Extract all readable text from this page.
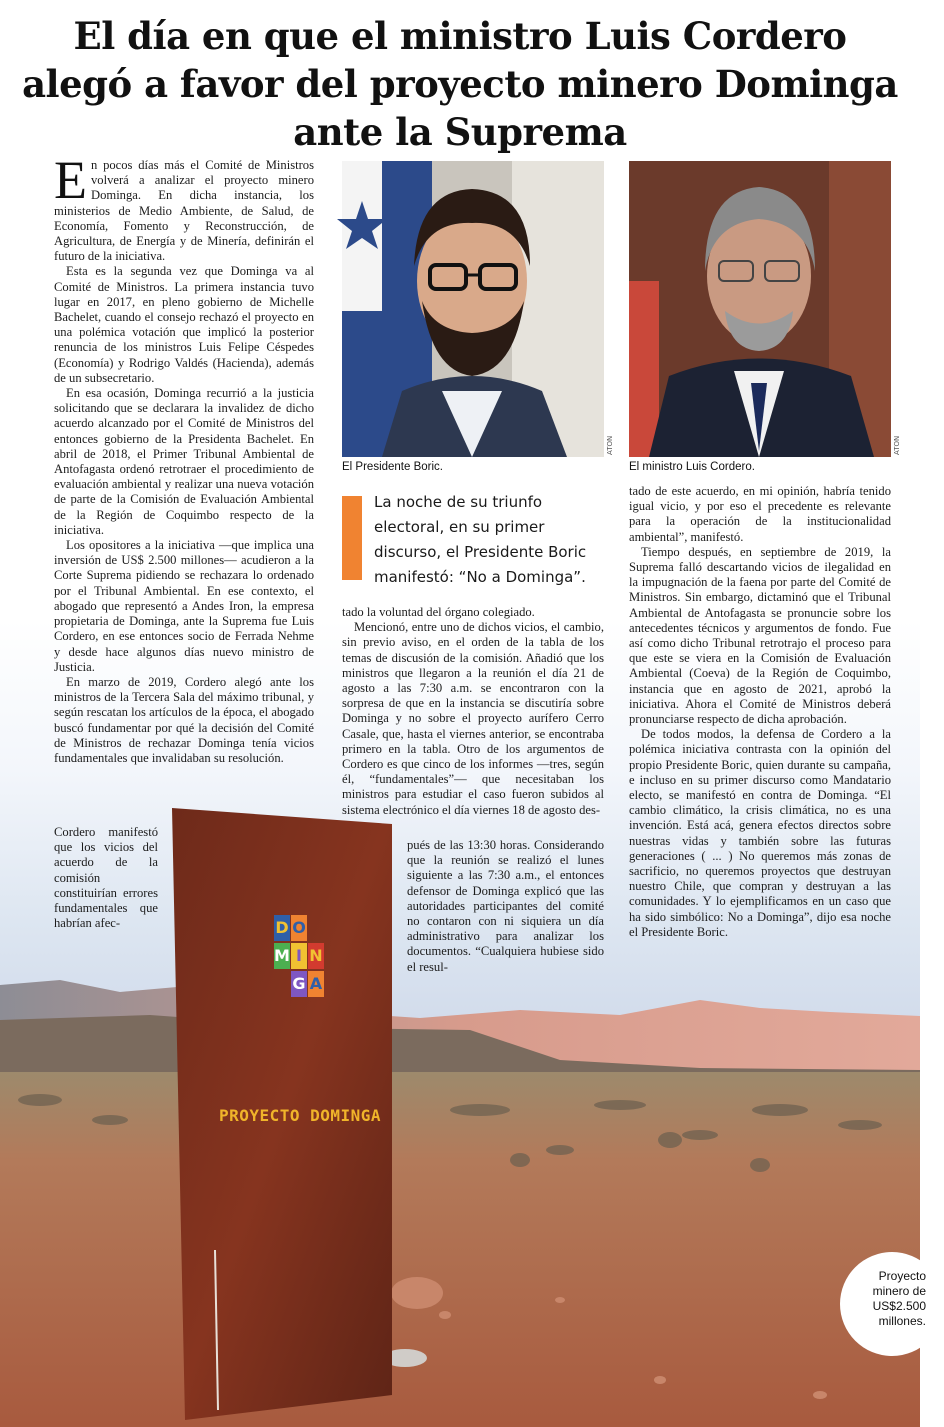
D O
M I N
G A
PROYECTO DOMINGA
El día en que el ministro Luis Cordero
alegó a favor del proyecto minero Dominga
ante la Suprema

En pocos días más el Comité de Ministros volverá a analizar el proyecto minero Dominga. En dicha instancia, los ministerios de Medio Ambiente, de Salud, de Economía, Fomento y Reconstrucción, de Agricultura, de Energía y de Minería, definirán el futuro de la iniciativa.

Esta es la segunda vez que Dominga va al Comité de Ministros. La primera instancia tuvo lugar en 2017, en pleno gobierno de Michelle Bachelet, cuando el consejo rechazó el proyecto en una polémica votación que implicó la posterior renuncia de los ministros Luis Felipe Céspedes (Economía) y Rodrigo Valdés (Hacienda), además de un subsecretario.

En esa ocasión, Dominga recurrió a la justicia solicitando que se declarara la invalidez de dicho acuerdo alcanzado por el Comité de Ministros del entonces gobierno de la Presidenta Bachelet. En abril de 2018, el Primer Tribunal Ambiental de Antofagasta ordenó retrotraer el procedimiento de evaluación ambiental y realizar una nueva votación de parte de la Comisión de Evaluación Ambiental de la Región de Coquimbo respecto de la iniciativa.

Los opositores a la iniciativa —que implica una inversión de US$ 2.500 millones— acudieron a la Corte Suprema pidiendo se rechazara lo ordenado por el Tribunal Ambiental. En ese contexto, el abogado que representó a Andes Iron, la empresa propietaria de Dominga, ante la Suprema fue Luis Cordero, en ese entonces socio de Ferrada Nehme y desde hace algunos días nuevo ministro de Justicia.

En marzo de 2019, Cordero alegó ante los ministros de la Tercera Sala del máximo tribunal, y según rescatan los artículos de la época, el abogado buscó fundamentar por qué la decisión del Comité de Ministros de rechazar Dominga tenía vicios fundamentales que invalidaban su resolución.

Cordero manifestó que los vicios del acuerdo de la comisión constituirían errores fundamentales que habrían afec-

ATON
El Presidente Boric.
ATON
El ministro Luis Cordero.
La noche de su triunfo electoral, en su primer discurso, el Presidente Boric manifestó: “No a Dominga”.

tado la voluntad del órgano colegiado.

Mencionó, entre uno de dichos vicios, el cambio, sin previo aviso, en el orden de la tabla de los temas de discusión de la comisión. Añadió que los ministros que llegaron a la reunión el día 21 de agosto a las 7:30 a.m. se encontraron con la sorpresa de que en la instancia se discutiría sobre Dominga y no sobre el proyecto aurífero Cerro Casale, que, hasta el viernes anterior, se encontraba primero en la tabla. Otro de los argumentos de Cordero es que cinco de los informes —tres, según él, “fundamentales”— que necesitaban los ministros para estudiar el caso fueron subidos al sistema electrónico el día viernes 18 de agosto des-

pués de las 13:30 horas. Considerando que la reunión se realizó el lunes siguiente a las 7:30 a.m., el entonces defensor de Dominga explicó que las autoridades participantes del comité no contaron con ni siquiera un día administrativo para analizar los documentos. “Cualquiera hubiese sido el resul-

tado de este acuerdo, en mi opinión, habría tenido igual vicio, y por eso el precedente es relevante para la operación de la institucionalidad ambiental”, manifestó.

Tiempo después, en septiembre de 2019, la Suprema falló descartando vicios de ilegalidad en la impugnación de la faena por parte del Comité de Ministros. Sin embargo, dictaminó que el Tribunal Ambiental de Antofagasta se pronuncie sobre los antecedentes técnicos y argumentos de fondo. Fue así como dicho Tribunal retrotrajo el proceso para que este se viera en la Comisión de Evaluación Ambiental (Coeva) de la Región de Coquimbo, instancia que en agosto de 2021, aprobó la iniciativa. Ahora el Comité de Ministros deberá pronunciarse respecto de dicha aprobación.

De todos modos, la defensa de Cordero a la polémica iniciativa contrasta con la opinión del propio Presidente Boric, quien durante su campaña, e incluso en su primer discurso como Mandatario electo, se manifestó en contra de Dominga. “El cambio climático, la crisis climática, no es una invención. Está acá, genera efectos directos sobre nuestras vidas y también sobre las futuras generaciones ( ... ) No queremos más zonas de sacrificio, no queremos proyectos que destruyan nuestro Chile, que compran y destruyan a las comunidades. Y lo ejemplificamos en un caso que ha sido simbólico: No a Dominga”, dijo esa noche el Presidente Boric.

Proyecto
minero de
US$2.500
millones.
